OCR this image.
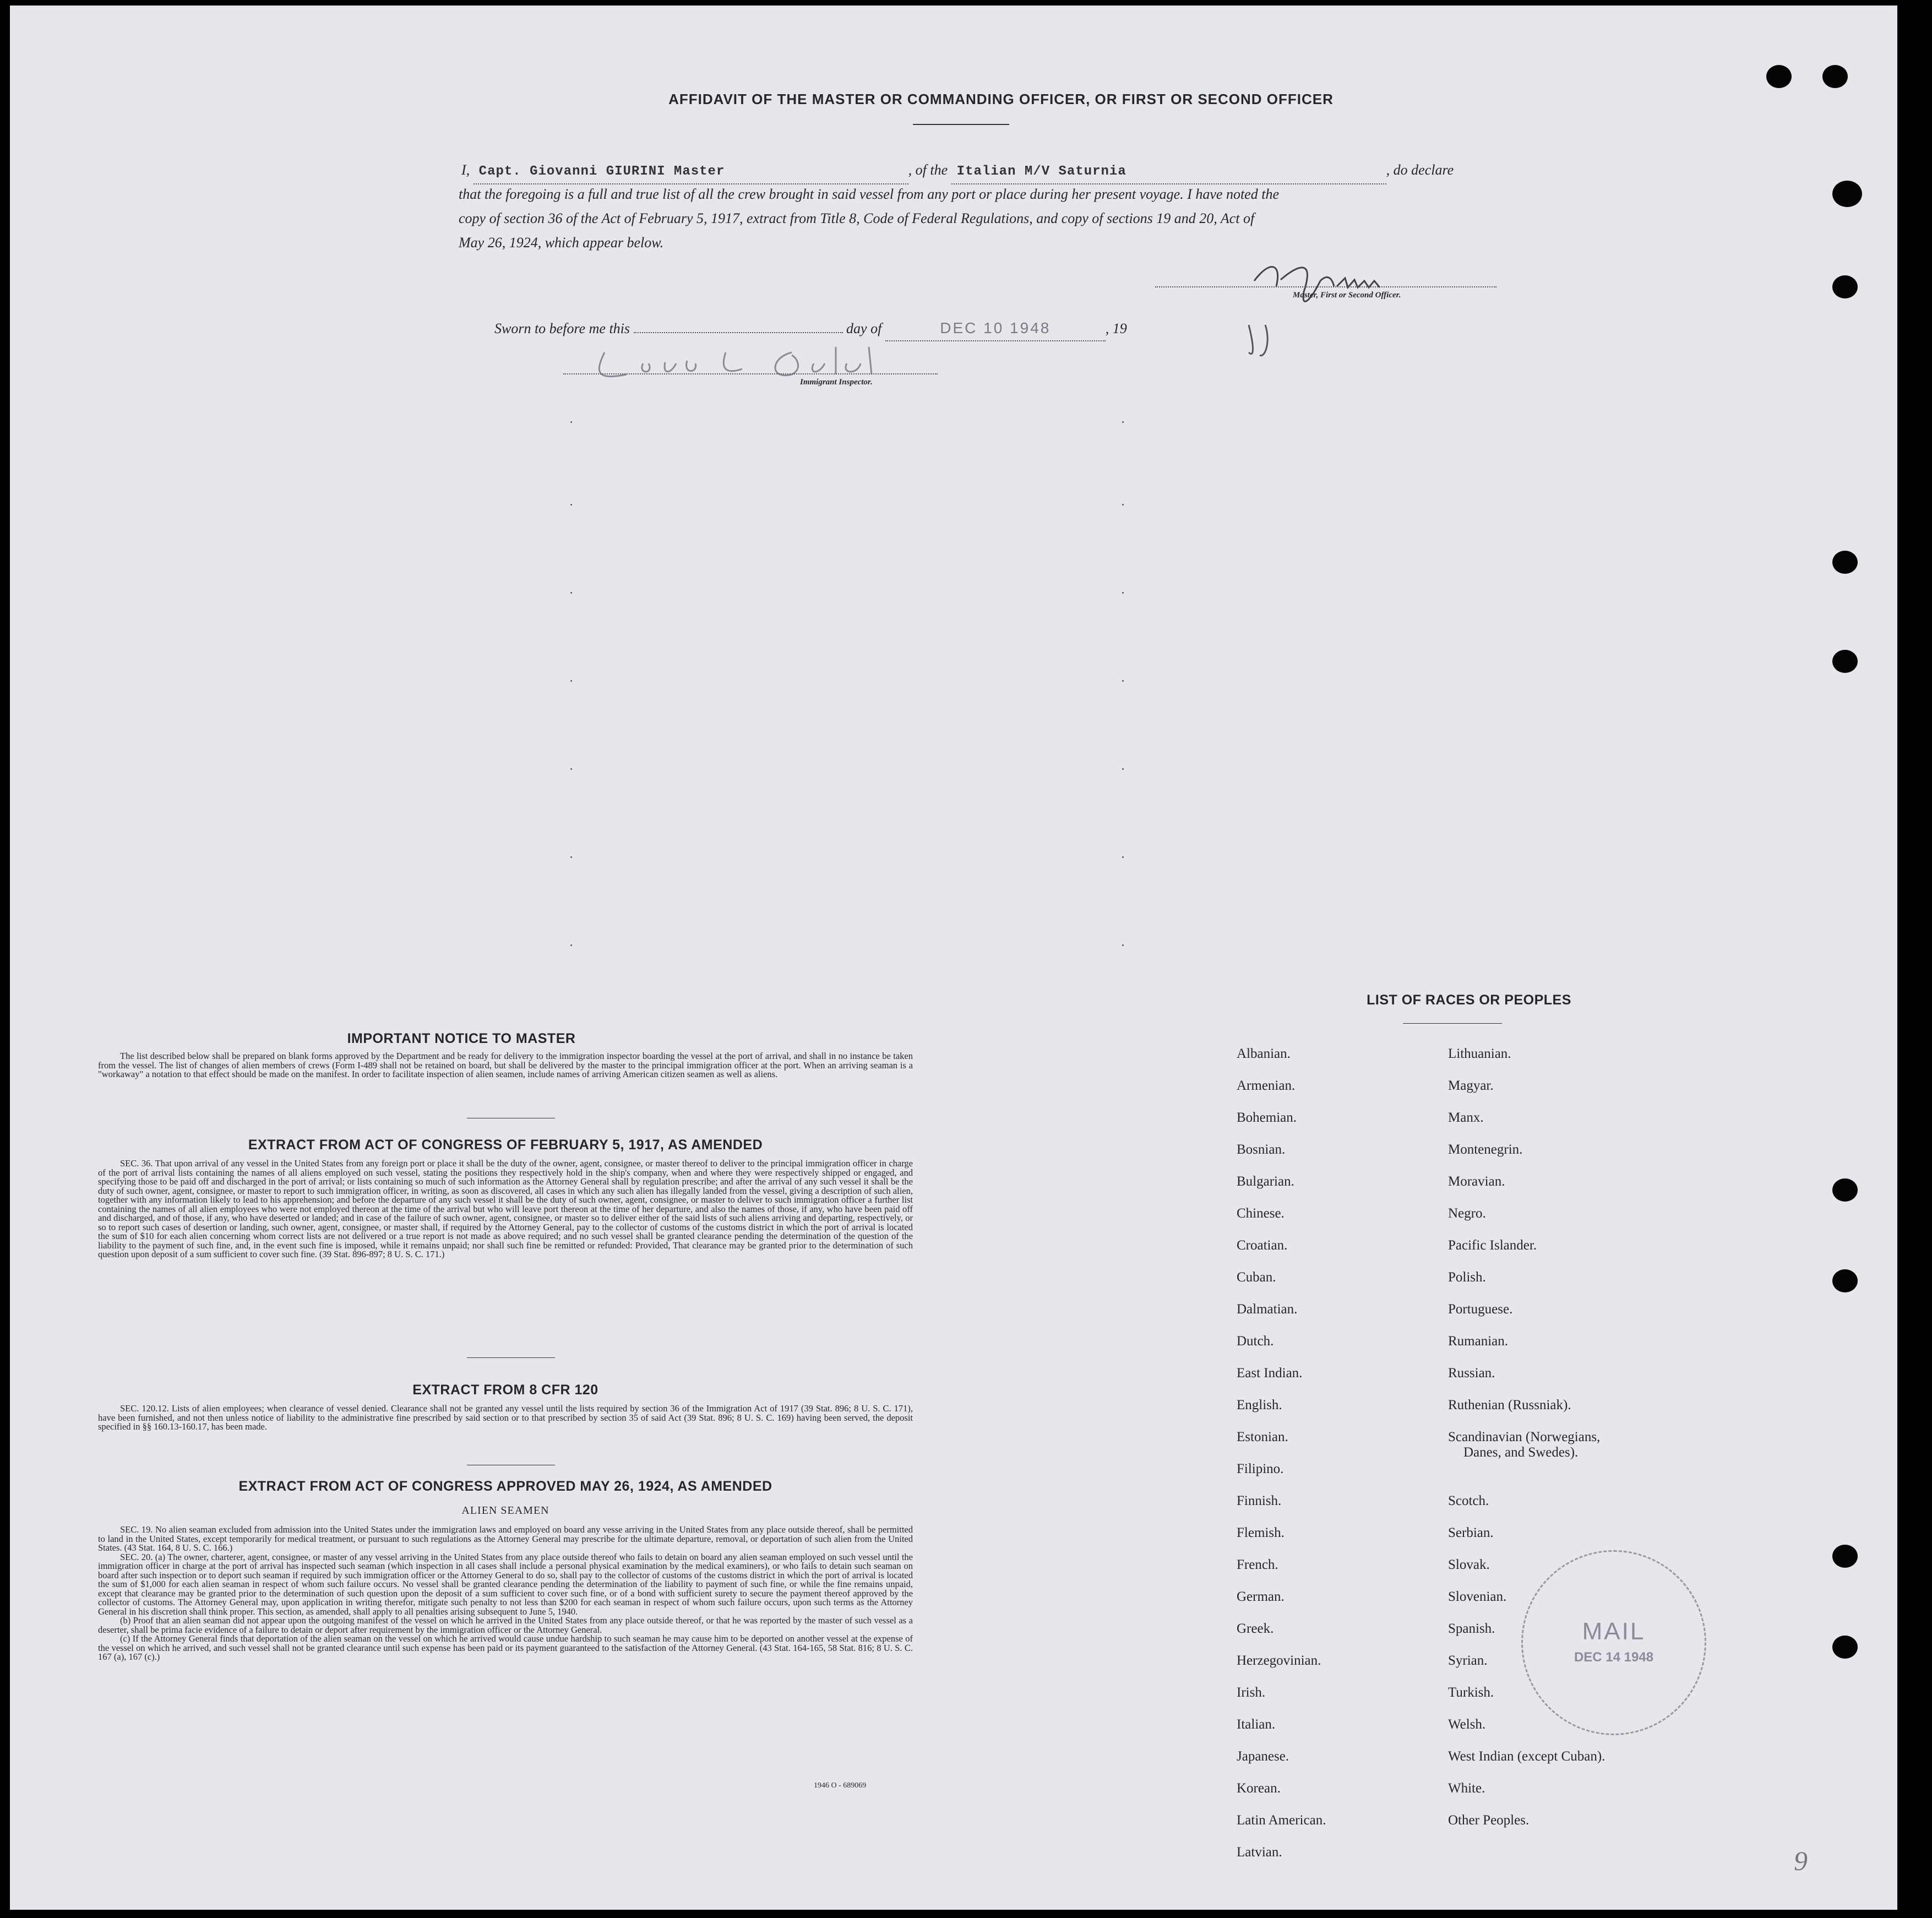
AFFIDAVIT OF THE MASTER OR COMMANDING OFFICER, OR FIRST OR SECOND OFFICER
I, Capt. Giovanni GIURINI Master	, of the Italian M/V Saturnia	, do declare
that the foregoing is a full and true list of all the crew brought in said vessel from any port or place during her present voyage. I have noted the
copy of section 36 of the Act of February 5, 1917, extract from Title 8, Code of Federal Regulations, and copy of sections 19 and 20, Act of
May 26, 1924, which appear below.
Master, First or Second Officer.
Sworn to before me this	day of	DEC 10 1948	, 19
Immigrant Inspector.
IMPORTANT NOTICE TO MASTER

The list described below shall be prepared on blank forms approved by the Department and be ready for delivery to the immigration inspector boarding the vessel at the port of arrival, and shall in no instance be taken from the vessel. The list of changes of alien members of crews (Form I-489 shall not be retained on board, but shall be delivered by the master to the principal immigration officer at the port. When an arriving seaman is a "workaway" a notation to that effect should be made on the manifest. In order to facilitate inspection of alien seamen, include names of arriving American citizen seamen as well as aliens.

EXTRACT FROM ACT OF CONGRESS OF FEBRUARY 5, 1917, AS AMENDED

SEC. 36. That upon arrival of any vessel in the United States from any foreign port or place it shall be the duty of the owner, agent, consignee, or master thereof to deliver to the principal immigration officer in charge of the port of arrival lists containing the names of all aliens employed on such vessel, stating the positions they respectively hold in the ship's company, when and where they were respectively shipped or engaged, and specifying those to be paid off and discharged in the port of arrival; or lists containing so much of such information as the Attorney General shall by regulation prescribe; and after the arrival of any such vessel it shall be the duty of such owner, agent, consignee, or master to report to such immigration officer, in writing, as soon as discovered, all cases in which any such alien has illegally landed from the vessel, giving a description of such alien, together with any information likely to lead to his apprehension; and before the departure of any such vessel it shall be the duty of such owner, agent, consignee, or master to deliver to such immigration officer a further list containing the names of all alien employees who were not employed thereon at the time of the arrival but who will leave port thereon at the time of her departure, and also the names of those, if any, who have been paid off and discharged, and of those, if any, who have deserted or landed; and in case of the failure of such owner, agent, consignee, or master so to deliver either of the said lists of such aliens arriving and departing, respectively, or so to report such cases of desertion or landing, such owner, agent, consignee, or master shall, if required by the Attorney General, pay to the collector of customs of the customs district in which the port of arrival is located the sum of $10 for each alien concerning whom correct lists are not delivered or a true report is not made as above required; and no such vessel shall be granted clearance pending the determination of the question of the liability to the payment of such fine, and, in the event such fine is imposed, while it remains unpaid; nor shall such fine be remitted or refunded: Provided, That clearance may be granted prior to the determination of such question upon deposit of a sum sufficient to cover such fine. (39 Stat. 896-897; 8 U. S. C. 171.)

EXTRACT FROM 8 CFR 120

SEC. 120.12. Lists of alien employees; when clearance of vessel denied. Clearance shall not be granted any vessel until the lists required by section 36 of the Immigration Act of 1917 (39 Stat. 896; 8 U. S. C. 171), have been furnished, and not then unless notice of liability to the administrative fine prescribed by said section or to that prescribed by section 35 of said Act (39 Stat. 896; 8 U. S. C. 169) having been served, the deposit specified in §§ 160.13-160.17, has been made.

EXTRACT FROM ACT OF CONGRESS APPROVED MAY 26, 1924, AS AMENDED
ALIEN SEAMEN

SEC. 19. No alien seaman excluded from admission into the United States under the immigration laws and employed on board any vesse arriving in the United States from any place outside thereof, shall be permitted to land in the United States, except temporarily for medical treatment, or pursuant to such regulations as the Attorney General may prescribe for the ultimate departure, removal, or deportation of such alien from the United States. (43 Stat. 164, 8 U. S. C. 166.)

SEC. 20. (a) The owner, charterer, agent, consignee, or master of any vessel arriving in the United States from any place outside thereof who fails to detain on board any alien seaman employed on such vessel until the immigration officer in charge at the port of arrival has inspected such seaman (which inspection in all cases shall include a personal physical examination by the medical examiners), or who fails to detain such seaman on board after such inspection or to deport such seaman if required by such immigration officer or the Attorney General to do so, shall pay to the collector of customs of the customs district in which the port of arrival is located the sum of $1,000 for each alien seaman in respect of whom such failure occurs. No vessel shall be granted clearance pending the determination of the liability to payment of such fine, or while the fine remains unpaid, except that clearance may be granted prior to the determination of such question upon the deposit of a sum sufficient to cover such fine, or of a bond with sufficient surety to secure the payment thereof approved by the collector of customs. The Attorney General may, upon application in writing therefor, mitigate such penalty to not less than $200 for each seaman in respect of whom such failure occurs, upon such terms as the Attorney General in his discretion shall think proper. This section, as amended, shall apply to all penalties arising subsequent to June 5, 1940.

(b) Proof that an alien seaman did not appear upon the outgoing manifest of the vessel on which he arrived in the United States from any place outside thereof, or that he was reported by the master of such vessel as a deserter, shall be prima facie evidence of a failure to detain or deport after requirement by the immigration officer or the Attorney General.

(c) If the Attorney General finds that deportation of the alien seaman on the vessel on which he arrived would cause undue hardship to such seaman he may cause him to be deported on another vessel at the expense of the vessel on which he arrived, and such vessel shall not be granted clearance until such expense has been paid or its payment guaranteed to the satisfaction of the Attorney General. (43 Stat. 164-165, 58 Stat. 816; 8 U. S. C. 167 (a), 167 (c).)

1946 O - 689069
LIST OF RACES OR PEOPLES
Albanian.
Armenian.
Bohemian.
Bosnian.
Bulgarian.
Chinese.
Croatian.
Cuban.
Dalmatian.
Dutch.
East Indian.
English.
Estonian.
Filipino.
Finnish.
Flemish.
French.
German.
Greek.
Herzegovinian.
Irish.
Italian.
Japanese.
Korean.
Latin American.
Latvian.
Lithuanian.
Magyar.
Manx.
Montenegrin.
Moravian.
Negro.
Pacific Islander.
Polish.
Portuguese.
Rumanian.
Russian.
Ruthenian (Russniak).
Scandinavian (Norwegians,
Danes, and Swedes).
Scotch.
Serbian.
Slovak.
Slovenian.
Spanish.
Syrian.
Turkish.
Welsh.
West Indian (except Cuban).
White.
Other Peoples.
MAIL
DEC 14 1948
9
